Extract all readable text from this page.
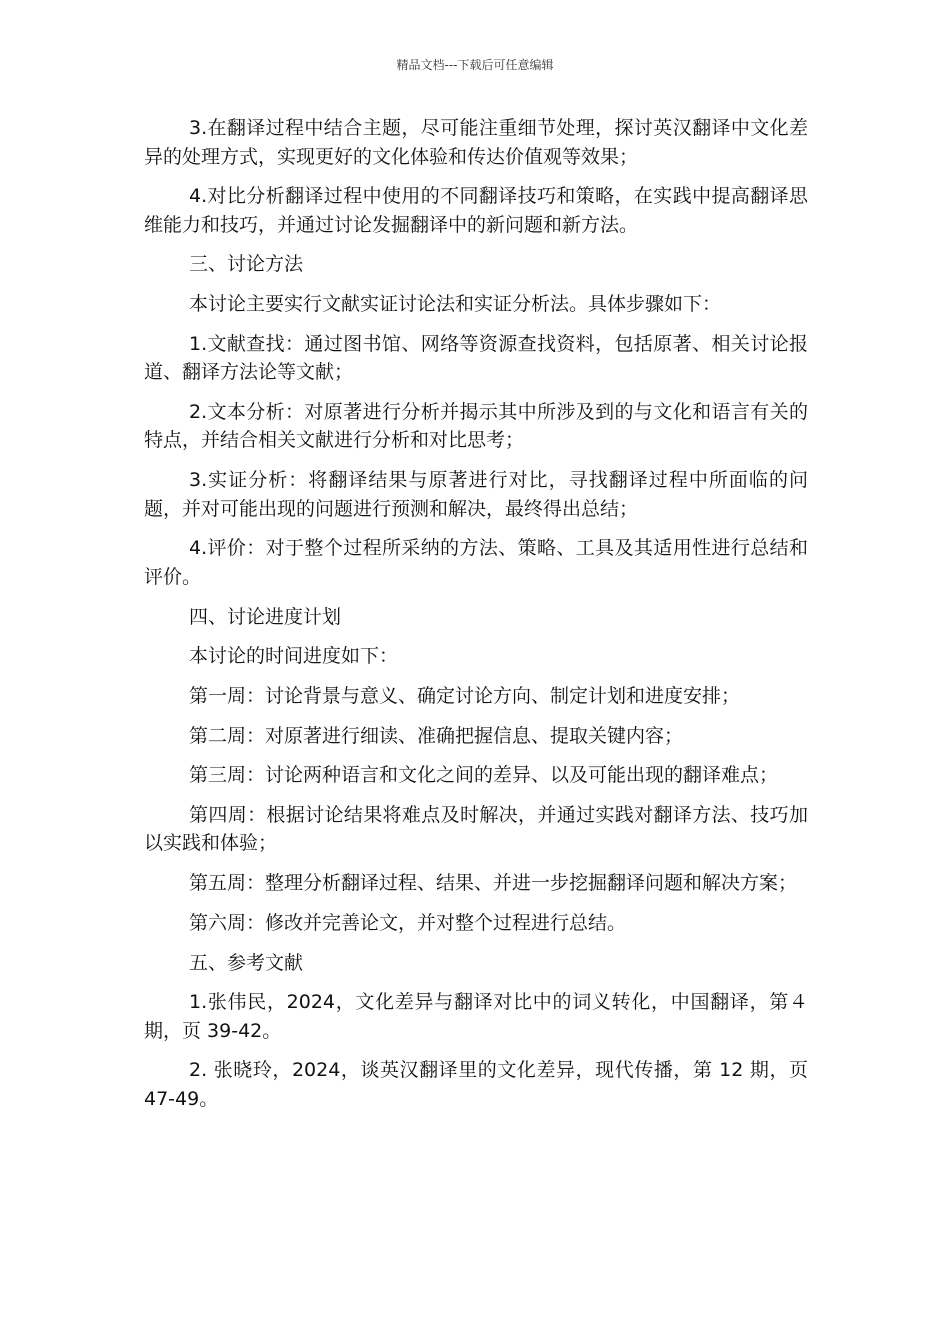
精品文档---下载后可任意编辑

3.在翻译过程中结合主题，尽可能注重细节处理，探讨英汉翻译中文化差异的处理方式，实现更好的文化体验和传达价值观等效果；

4.对比分析翻译过程中使用的不同翻译技巧和策略，在实践中提高翻译思维能力和技巧，并通过讨论发掘翻译中的新问题和新方法。

三、讨论方法

本讨论主要实行文献实证讨论法和实证分析法。具体步骤如下：

1.文献查找：通过图书馆、网络等资源查找资料，包括原著、相关讨论报道、翻译方法论等文献；

2.文本分析：对原著进行分析并揭示其中所涉及到的与文化和语言有关的特点，并结合相关文献进行分析和对比思考；

3.实证分析：将翻译结果与原著进行对比，寻找翻译过程中所面临的问题，并对可能出现的问题进行预测和解决，最终得出总结；

4.评价：对于整个过程所采纳的方法、策略、工具及其适用性进行总结和评价。

四、讨论进度计划

本讨论的时间进度如下：

第一周：讨论背景与意义、确定讨论方向、制定计划和进度安排；

第二周：对原著进行细读、准确把握信息、提取关键内容；

第三周：讨论两种语言和文化之间的差异、以及可能出现的翻译难点；

第四周：根据讨论结果将难点及时解决，并通过实践对翻译方法、技巧加以实践和体验；

第五周：整理分析翻译过程、结果、并进一步挖掘翻译问题和解决方案；

第六周：修改并完善论文，并对整个过程进行总结。

五、参考文献

1.张伟民，2024，文化差异与翻译对比中的词义转化，中国翻译，第４期，页 39-42。

2. 张晓玲，2024，谈英汉翻译里的文化差异，现代传播，第 12 期，页 47-49。
